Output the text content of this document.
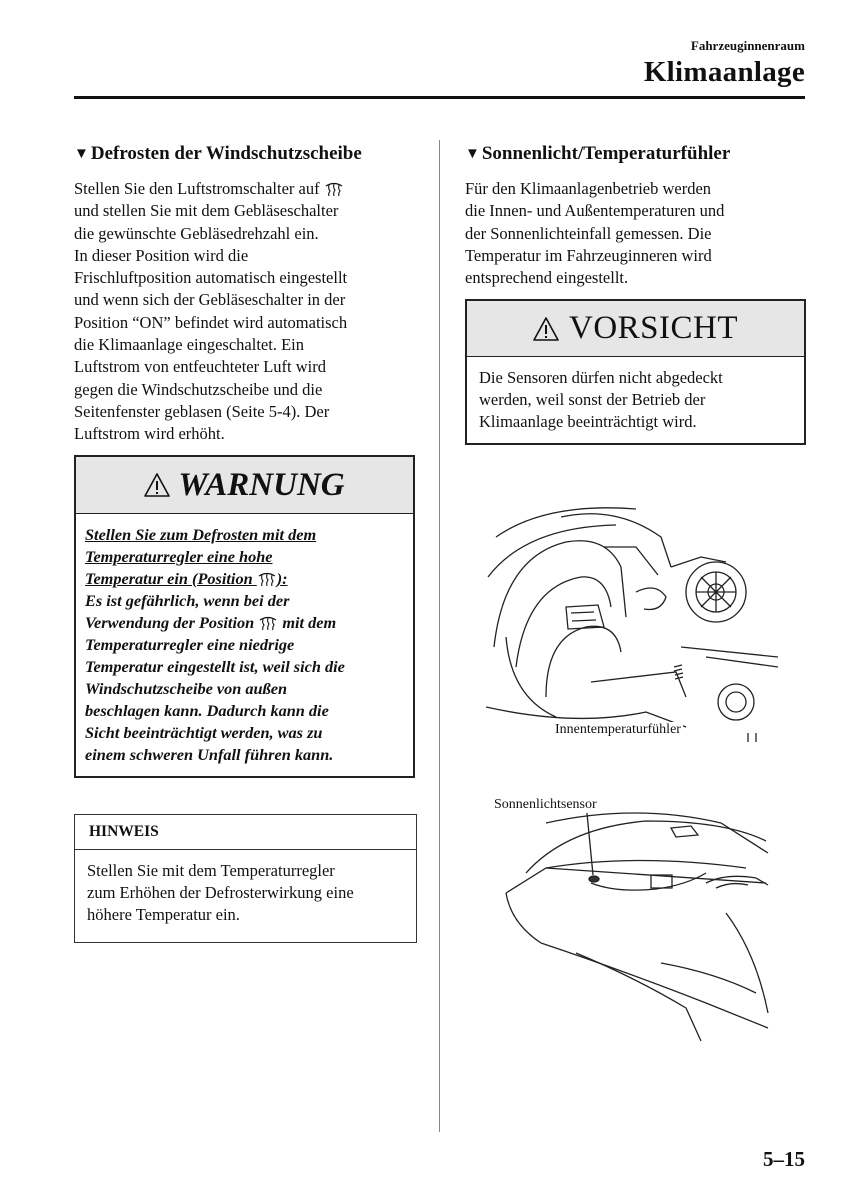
Fahrzeuginnenraum
Klimaanlage
▼ Defrosten der Windschutzscheibe
Stellen Sie den Luftstromschalter auf
und stellen Sie mit dem Gebläseschalter
die gewünschte Gebläsedrehzahl ein.
In dieser Position wird die
Frischluftposition automatisch eingestellt
und wenn sich der Gebläseschalter in der
Position “ON” befindet wird automatisch
die Klimaanlage eingeschaltet. Ein
Luftstrom von entfeuchteter Luft wird
gegen die Windschutzscheibe und die
Seitenfenster geblasen (Seite 5-4). Der
Luftstrom wird erhöht.
WARNUNG
Stellen Sie zum Defrosten mit dem
Temperaturregler eine hohe
Temperatur ein (Position ):
Es ist gefährlich, wenn bei der
Verwendung der Position mit dem
Temperaturregler eine niedrige
Temperatur eingestellt ist, weil sich die
Windschutzscheibe von außen
beschlagen kann. Dadurch kann die
Sicht beeinträchtigt werden, was zu
einem schweren Unfall führen kann.
HINWEIS
Stellen Sie mit dem Temperaturregler
zum Erhöhen der Defrosterwirkung eine
höhere Temperatur ein.
▼ Sonnenlicht/Temperaturfühler
Für den Klimaanlagenbetrieb werden
die Innen- und Außentemperaturen und
der Sonnenlichteinfall gemessen. Die
Temperatur im Fahrzeuginneren wird
entsprechend eingestellt.
VORSICHT
Die Sensoren dürfen nicht abgedeckt
werden, weil sonst der Betrieb der
Klimaanlage beeinträchtigt wird.
Innentemperaturfühler
Sonnenlichtsensor
5–15
